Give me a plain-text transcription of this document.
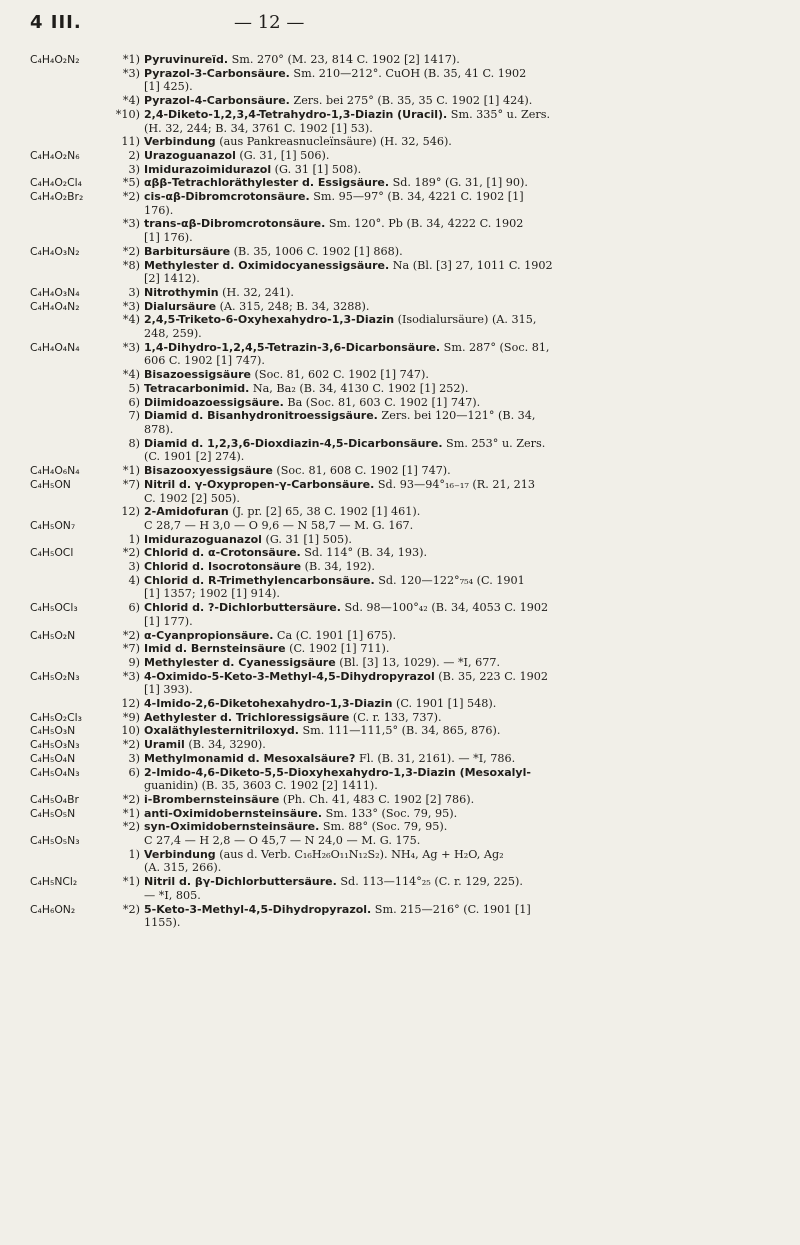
4 III.	— 12 —
C₄H₄O₂N₂	*1) Pyruvinureïd. Sm. 270° (M. 23, 814 C. 1902 [2] 1417).
*3) Pyrazol-3-Carbonsäure. Sm. 210—212°. CuOH (B. 35, 41 C. 1902
[1] 425).
*4) Pyrazol-4-Carbonsäure. Zers. bei 275° (B. 35, 35 C. 1902 [1] 424).
*10) 2,4-Diketo-1,2,3,4-Tetrahydro-1,3-Diazin (Uracil). Sm. 335° u. Zers.
(H. 32, 244; B. 34, 3761 C. 1902 [1] 53).
11) Verbindung (aus Pankreasnucleïnsäure) (H. 32, 546).
C₄H₄O₂N₆	2) Urazoguanazol (G. 31, [1] 506).
3) Imidurazoimidurazol (G. 31 [1] 508).
C₄H₄O₂Cl₄	*5) αββ-Tetrachloräthylester d. Essigsäure. Sd. 189° (G. 31, [1] 90).
C₄H₄O₂Br₂	*2) cis-αβ-Dibromcrotonsäure. Sm. 95—97° (B. 34, 4221 C. 1902 [1]
176).
*3) trans-αβ-Dibromcrotonsäure. Sm. 120°. Pb (B. 34, 4222 C. 1902
[1] 176).
C₄H₄O₃N₂	*2) Barbitursäure (B. 35, 1006 C. 1902 [1] 868).
*8) Methylester d. Oximidocyanessigsäure. Na (Bl. [3] 27, 1011 C. 1902
[2] 1412).
C₄H₄O₃N₄	3) Nitrothymin (H. 32, 241).
C₄H₄O₄N₂	*3) Dialursäure (A. 315, 248; B. 34, 3288).
*4) 2,4,5-Triketo-6-Oxyhexahydro-1,3-Diazin (Isodialursäure) (A. 315,
248, 259).
C₄H₄O₄N₄	*3) 1,4-Dihydro-1,2,4,5-Tetrazin-3,6-Dicarbonsäure. Sm. 287° (Soc. 81,
606 C. 1902 [1] 747).
*4) Bisazoessigsäure (Soc. 81, 602 C. 1902 [1] 747).
5) Tetracarbonimid. Na, Ba₂ (B. 34, 4130 C. 1902 [1] 252).
6) Diimidoazoessigsäure. Ba (Soc. 81, 603 C. 1902 [1] 747).
7) Diamid d. Bisanhydronitroessigsäure. Zers. bei 120—121° (B. 34,
878).
8) Diamid d. 1,2,3,6-Dioxdiazin-4,5-Dicarbonsäure. Sm. 253° u. Zers.
(C. 1901 [2] 274).
C₄H₄O₆N₄	*1) Bisazooxyessigsäure (Soc. 81, 608 C. 1902 [1] 747).
C₄H₅ON	*7) Nitril d. γ-Oxypropen-γ-Carbonsäure. Sd. 93—94°₁₆₋₁₇ (R. 21, 213
C. 1902 [2] 505).
12) 2-Amidofuran (J. pr. [2] 65, 38 C. 1902 [1] 461).
C₄H₅ON₇	C 28,7 — H 3,0 — O 9,6 — N 58,7 — M. G. 167.
1) Imidurazoguanazol (G. 31 [1] 505).
C₄H₅OCl	*2) Chlorid d. α-Crotonsäure. Sd. 114° (B. 34, 193).
3) Chlorid d. Isocrotonsäure (B. 34, 192).
4) Chlorid d. R-Trimethylencarbonsäure. Sd. 120—122°₇₅₄ (C. 1901
[1] 1357; 1902 [1] 914).
C₄H₅OCl₃	6) Chlorid d. ?-Dichlorbuttersäure. Sd. 98—100°₄₂ (B. 34, 4053 C. 1902
[1] 177).
C₄H₅O₂N	*2) α-Cyanpropionsäure. Ca (C. 1901 [1] 675).
*7) Imid d. Bernsteinsäure (C. 1902 [1] 711).
9) Methylester d. Cyanessigsäure (Bl. [3] 13, 1029). — *I, 677.
C₄H₅O₂N₃	*3) 4-Oximido-5-Keto-3-Methyl-4,5-Dihydropyrazol (B. 35, 223 C. 1902
[1] 393).
12) 4-Imido-2,6-Diketohexahydro-1,3-Diazin (C. 1901 [1] 548).
C₄H₅O₂Cl₃	*9) Aethylester d. Trichloressigsäure (C. r. 133, 737).
C₄H₅O₃N	10) Oxaläthylesternitriloxyd. Sm. 111—111,5° (B. 34, 865, 876).
C₄H₅O₃N₃	*2) Uramil (B. 34, 3290).
C₄H₅O₄N	3) Methylmonamid d. Mesoxalsäure? Fl. (B. 31, 2161). — *I, 786.
C₄H₅O₄N₃	6) 2-Imido-4,6-Diketo-5,5-Dioxyhexahydro-1,3-Diazin (Mesoxalyl-
guanidin) (B. 35, 3603 C. 1902 [2] 1411).
C₄H₅O₄Br	*2) i-Brombernsteinsäure (Ph. Ch. 41, 483 C. 1902 [2] 786).
C₄H₅O₅N	*1) anti-Oximidobernsteinsäure. Sm. 133° (Soc. 79, 95).
*2) syn-Oximidobernsteinsäure. Sm. 88° (Soc. 79, 95).
C₄H₅O₅N₃	C 27,4 — H 2,8 — O 45,7 — N 24,0 — M. G. 175.
1) Verbindung (aus d. Verb. C₁₆H₂₆O₁₁N₁₂S₂). NH₄, Ag + H₂O, Ag₂
(A. 315, 266).
C₄H₅NCl₂	*1) Nitril d. βγ-Dichlorbuttersäure. Sd. 113—114°₂₅ (C. r. 129, 225).
— *I, 805.
C₄H₆ON₂	*2) 5-Keto-3-Methyl-4,5-Dihydropyrazol. Sm. 215—216° (C. 1901 [1]
1155).
